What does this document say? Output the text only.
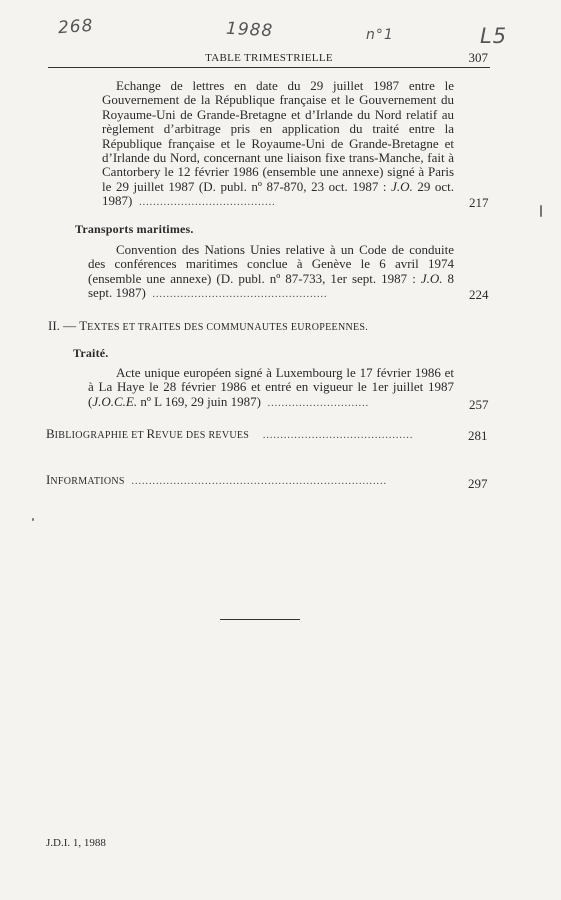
268	1988	n°1	L5
TABLE TRIMESTRIELLE	307
Echange de lettres en date du 29 juillet 1987 entre le Gouvernement de la République française et le Gouvernement du Royaume-Uni de Grande-Bretagne et d’Irlande du Nord relatif au règlement d’arbitrage pris en application du traité entre la République française et le Royaume-Uni de Grande-Bretagne et d’Irlande du Nord, concernant une liaison fixe trans-Manche, fait à Cantorbery le 12 février 1986 (ensemble une annexe) signé à Paris le 29 juillet 1987 (D. publ. nº 87-870, 23 oct. 1987 : J.O. 29 oct. 1987)  .......................................	217
Transports maritimes.
Convention des Nations Unies relative à un Code de conduite des conférences maritimes conclue à Genève le 6 avril 1974 (ensemble une annexe) (D. publ. nº 87-733, 1er sept. 1987 : J.O. 8 sept. 1987)  ..................................................	224
II. — TEXTES ET TRAITES DES COMMUNAUTES EUROPEENNES.
Traité.
Acte unique européen signé à Luxembourg le 17 février 1986 et à La Haye le 28 février 1986 et entré en vigueur le 1er juillet 1987 (J.O.C.E. nº L 169, 29 juin 1987)  .............................	257
BIBLIOGRAPHIE ET REVUE DES REVUES    ...........................................	281
INFORMATIONS  .........................................................................	297
J.D.I. 1, 1988
